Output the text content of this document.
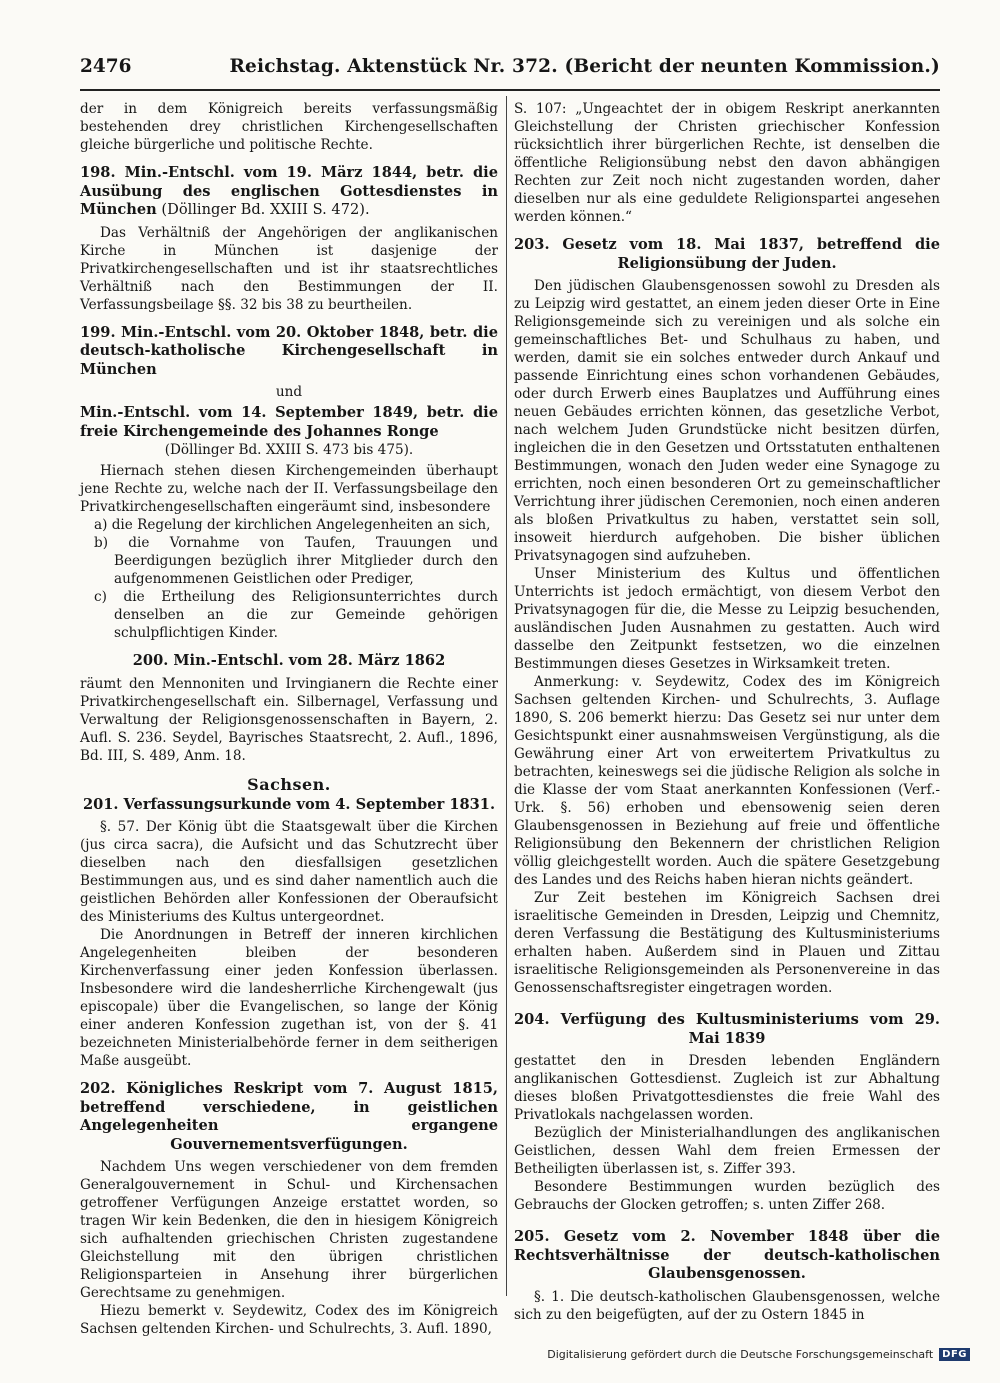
2476	Reichstag. Aktenstück Nr. 372. (Bericht der neunten Kommission.)

der in dem Königreich bereits verfassungsmäßig bestehenden drey christlichen Kirchengesellschaften gleiche bürgerliche und politische Rechte.

198. Min.-Entschl. vom 19. März 1844, betr. die Ausübung des englischen Gottesdienstes in München (Döllinger Bd. XXIII S. 472).

Das Verhältniß der Angehörigen der anglikanischen Kirche in München ist dasjenige der Privatkirchengesellschaften und ist ihr staatsrechtliches Verhältniß nach den Bestimmungen der II. Verfassungsbeilage §§. 32 bis 38 zu beurtheilen.

199. Min.-Entschl. vom 20. Oktober 1848, betr. die deutsch-katholische Kirchengesellschaft in München
und
Min.-Entschl. vom 14. September 1849, betr. die freie Kirchengemeinde des Johannes Ronge
(Döllinger Bd. XXIII S. 473 bis 475).

Hiernach stehen diesen Kirchengemeinden überhaupt jene Rechte zu, welche nach der II. Verfassungsbeilage den Privatkirchengesellschaften eingeräumt sind, insbesondere

a) die Regelung der kirchlichen Angelegenheiten an sich,
b) die Vornahme von Taufen, Trauungen und Beerdigungen bezüglich ihrer Mitglieder durch den aufgenommenen Geistlichen oder Prediger,
c) die Ertheilung des Religionsunterrichtes durch denselben an die zur Gemeinde gehörigen schulpflichtigen Kinder.
200. Min.-Entschl. vom 28. März 1862

räumt den Mennoniten und Irvingianern die Rechte einer Privatkirchengesellschaft ein. Silbernagel, Verfassung und Verwaltung der Religionsgenossenschaften in Bayern, 2. Aufl. S. 236. Seydel, Bayrisches Staatsrecht, 2. Aufl., 1896, Bd. III, S. 489, Anm. 18.

Sachsen.
201. Verfassungsurkunde vom 4. September 1831.

§. 57. Der König übt die Staatsgewalt über die Kirchen (jus circa sacra), die Aufsicht und das Schutzrecht über dieselben nach den diesfallsigen gesetzlichen Bestimmungen aus, und es sind daher namentlich auch die geistlichen Behörden aller Konfessionen der Oberaufsicht des Ministeriums des Kultus untergeordnet.

Die Anordnungen in Betreff der inneren kirchlichen Angelegenheiten bleiben der besonderen Kirchenverfassung einer jeden Konfession überlassen. Insbesondere wird die landesherrliche Kirchengewalt (jus episcopale) über die Evangelischen, so lange der König einer anderen Konfession zugethan ist, von der §. 41 bezeichneten Ministerialbehörde ferner in dem seitherigen Maße ausgeübt.

202. Königliches Reskript vom 7. August 1815, betreffend verschiedene, in geistlichen Angelegenheiten ergangene Gouvernementsverfügungen.

Nachdem Uns wegen verschiedener von dem fremden Generalgouvernement in Schul- und Kirchensachen getroffener Verfügungen Anzeige erstattet worden, so tragen Wir kein Bedenken, die den in hiesigem Königreich sich aufhaltenden griechischen Christen zugestandene Gleichstellung mit den übrigen christlichen Religionsparteien in Ansehung ihrer bürgerlichen Gerechtsame zu genehmigen.

Hiezu bemerkt v. Seydewitz, Codex des im Königreich Sachsen geltenden Kirchen- und Schulrechts, 3. Aufl. 1890,

S. 107: „Ungeachtet der in obigem Reskript anerkannten Gleichstellung der Christen griechischer Konfession rücksichtlich ihrer bürgerlichen Rechte, ist denselben die öffentliche Religionsübung nebst den davon abhängigen Rechten zur Zeit noch nicht zugestanden worden, daher dieselben nur als eine geduldete Religionspartei angesehen werden können.“

203. Gesetz vom 18. Mai 1837, betreffend die Religionsübung der Juden.

Den jüdischen Glaubensgenossen sowohl zu Dresden als zu Leipzig wird gestattet, an einem jeden dieser Orte in Eine Religionsgemeinde sich zu vereinigen und als solche ein gemeinschaftliches Bet- und Schulhaus zu haben, und werden, damit sie ein solches entweder durch Ankauf und passende Einrichtung eines schon vorhandenen Gebäudes, oder durch Erwerb eines Bauplatzes und Aufführung eines neuen Gebäudes errichten können, das gesetzliche Verbot, nach welchem Juden Grundstücke nicht besitzen dürfen, ingleichen die in den Gesetzen und Ortsstatuten enthaltenen Bestimmungen, wonach den Juden weder eine Synagoge zu errichten, noch einen besonderen Ort zu gemeinschaftlicher Verrichtung ihrer jüdischen Ceremonien, noch einen anderen als bloßen Privatkultus zu haben, verstattet sein soll, insoweit hierdurch aufgehoben. Die bisher üblichen Privatsynagogen sind aufzuheben.

Unser Ministerium des Kultus und öffentlichen Unterrichts ist jedoch ermächtigt, von diesem Verbot den Privatsynagogen für die, die Messe zu Leipzig besuchenden, ausländischen Juden Ausnahmen zu gestatten. Auch wird dasselbe den Zeitpunkt festsetzen, wo die einzelnen Bestimmungen dieses Gesetzes in Wirksamkeit treten.

Anmerkung: v. Seydewitz, Codex des im Königreich Sachsen geltenden Kirchen- und Schulrechts, 3. Auflage 1890, S. 206 bemerkt hierzu: Das Gesetz sei nur unter dem Gesichtspunkt einer ausnahmsweisen Vergünstigung, als die Gewährung einer Art von erweitertem Privatkultus zu betrachten, keineswegs sei die jüdische Religion als solche in die Klasse der vom Staat anerkannten Konfessionen (Verf.-Urk. §. 56) erhoben und ebensowenig seien deren Glaubensgenossen in Beziehung auf freie und öffentliche Religionsübung den Bekennern der christlichen Religion völlig gleichgestellt worden. Auch die spätere Gesetzgebung des Landes und des Reichs haben hieran nichts geändert.

Zur Zeit bestehen im Königreich Sachsen drei israelitische Gemeinden in Dresden, Leipzig und Chemnitz, deren Verfassung die Bestätigung des Kultusministeriums erhalten haben. Außerdem sind in Plauen und Zittau israelitische Religionsgemeinden als Personenvereine in das Genossenschaftsregister eingetragen worden.

204. Verfügung des Kultusministeriums vom 29. Mai 1839

gestattet den in Dresden lebenden Engländern anglikanischen Gottesdienst. Zugleich ist zur Abhaltung dieses bloßen Privatgottesdienstes die freie Wahl des Privatlokals nachgelassen worden.

Bezüglich der Ministerialhandlungen des anglikanischen Geistlichen, dessen Wahl dem freien Ermessen der Betheiligten überlassen ist, s. Ziffer 393.

Besondere Bestimmungen wurden bezüglich des Gebrauchs der Glocken getroffen; s. unten Ziffer 268.

205. Gesetz vom 2. November 1848 über die Rechtsverhältnisse der deutsch-katholischen Glaubensgenossen.

§. 1. Die deutsch-katholischen Glaubensgenossen, welche sich zu den beigefügten, auf der zu Ostern 1845 in

Digitalisierung gefördert durch die Deutsche Forschungsgemeinschaft DFG
